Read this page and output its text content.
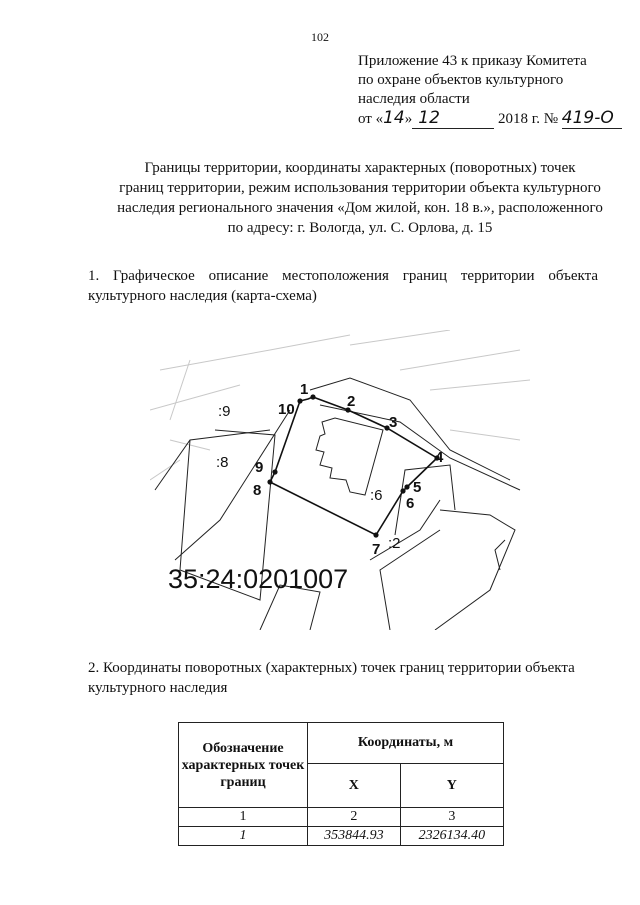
102
Приложение 43 к приказу Комитета
по охране объектов культурного
наследия области
от «14» 12	2018 г. № 419-О
Границы территории, координаты характерных (поворотных) точек
границ территории, режим использования территории объекта культурного
наследия регионального значения «Дом жилой, кон. 18 в.», расположенного
по адресу: г. Вологда, ул. С. Орлова, д. 15
1. Графическое описание местоположения границ территории объекта
культурного наследия (карта-схема)
1
2
3
4
5
6
7
8
9
10
:9
:8
:6
:2
35:24:0201007
2. Координаты поворотных (характерных) точек границ территории объекта
культурного наследия
Обозначение характерных точек границ	Координаты, м	
	X	Y
1	2	3
1	353844.93	2326134.40
